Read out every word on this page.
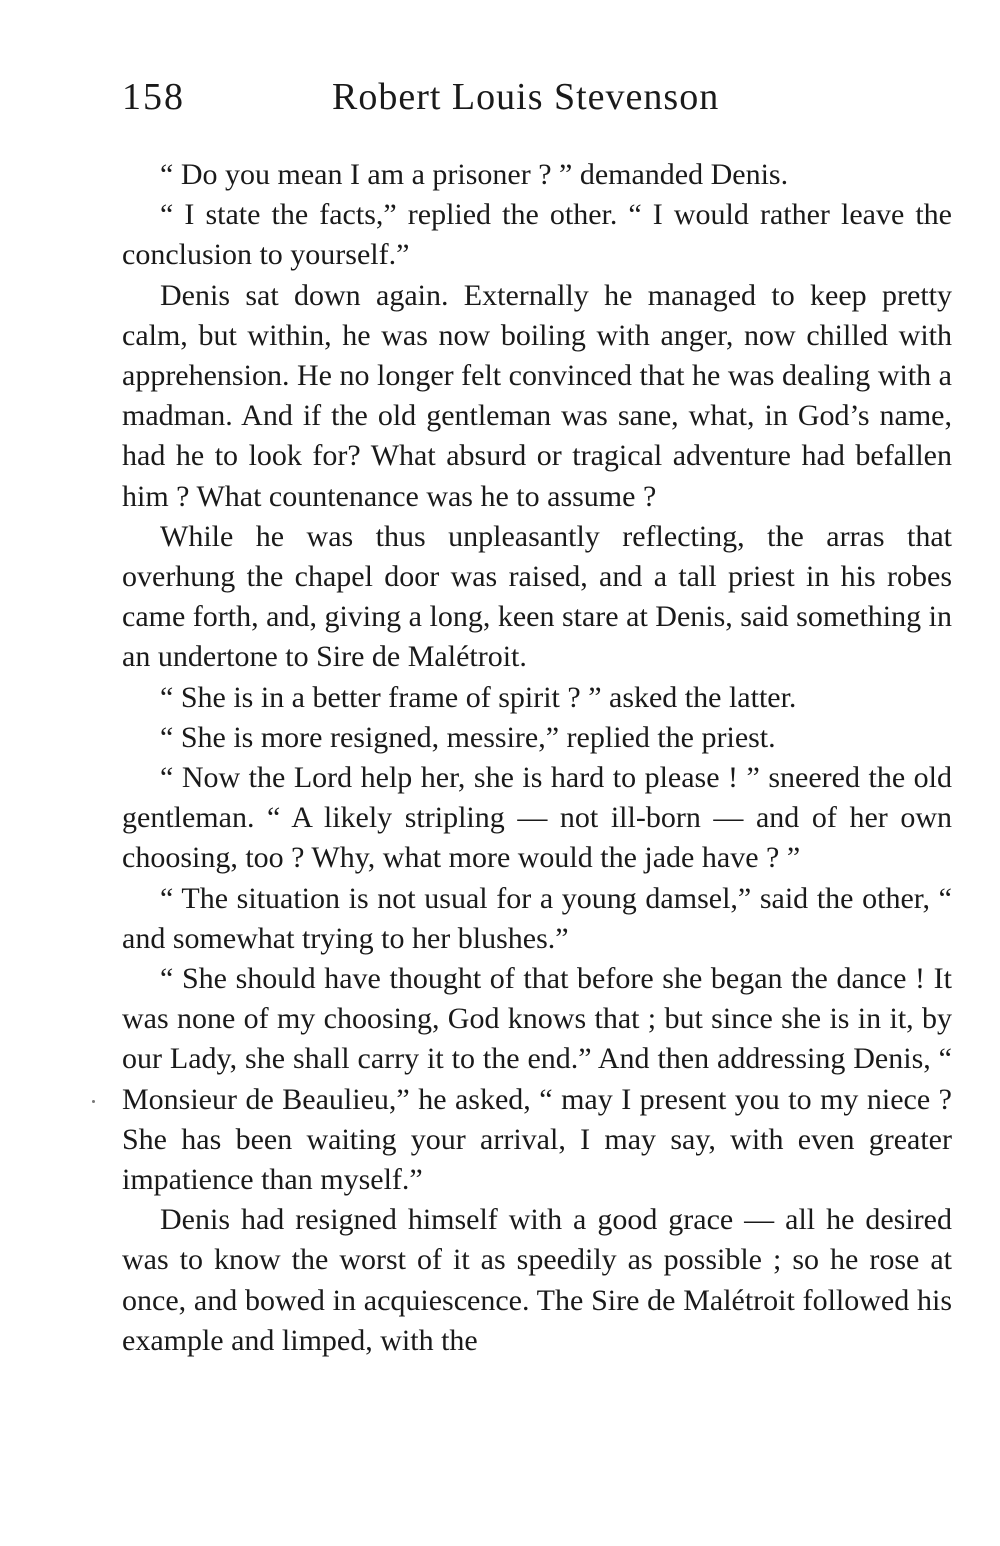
158	Robert Louis Stevenson

“ Do you mean I am a prisoner ? ” demanded Denis.

“ I state the facts,” replied the other. “ I would rather leave the conclusion to yourself.”

Denis sat down again. Externally he managed to keep pretty calm, but within, he was now boiling with anger, now chilled with apprehension. He no longer felt convinced that he was dealing with a madman. And if the old gentleman was sane, what, in God’s name, had he to look for? What absurd or tragical adventure had befallen him ? What countenance was he to assume ?

While he was thus unpleasantly reflecting, the arras that overhung the chapel door was raised, and a tall priest in his robes came forth, and, giving a long, keen stare at Denis, said something in an undertone to Sire de Malétroit.

“ She is in a better frame of spirit ? ” asked the latter.

“ She is more resigned, messire,” replied the priest.

“ Now the Lord help her, she is hard to please ! ” sneered the old gentleman. “ A likely stripling — not ill-born — and of her own choosing, too ? Why, what more would the jade have ? ”

“ The situation is not usual for a young damsel,” said the other, “ and somewhat trying to her blushes.”

“ She should have thought of that before she began the dance ! It was none of my choosing, God knows that ; but since she is in it, by our Lady, she shall carry it to the end.” And then addressing Denis, “ Monsieur de Beaulieu,” he asked, “ may I present you to my niece ? She has been waiting your arrival, I may say, with even greater impatience than myself.”

Denis had resigned himself with a good grace — all he desired was to know the worst of it as speedily as possible ; so he rose at once, and bowed in acquiescence. The Sire de Malétroit followed his example and limped, with the
